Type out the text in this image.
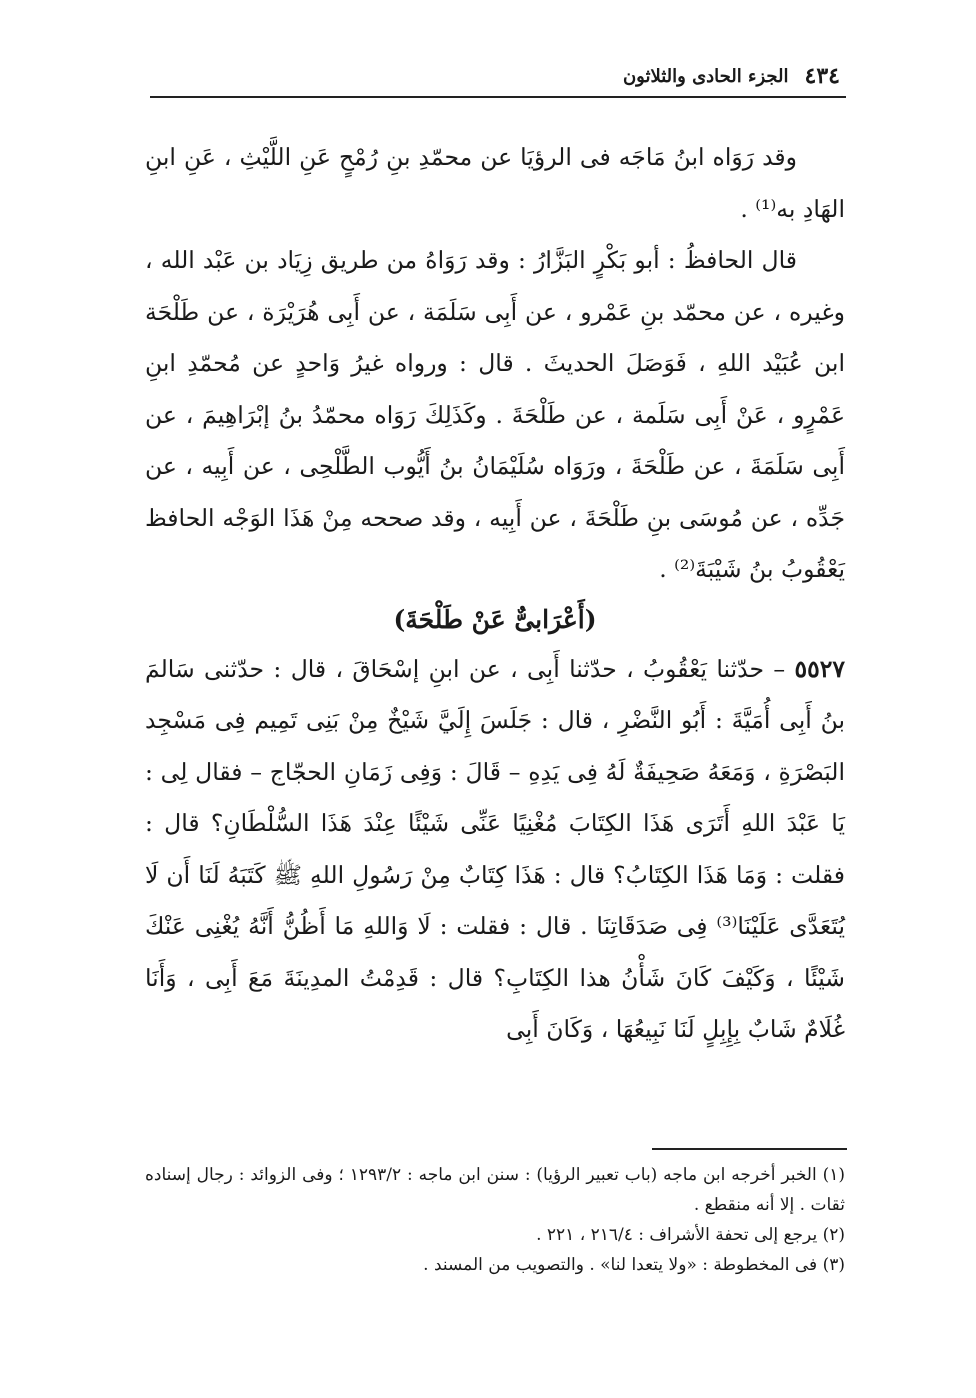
٤٣٤
الجزء الحادى والثلاثون

وقد رَوَاه ابنُ مَاجَه فى الرؤيَا عن محمّدِ بنِ رُمْحٍ عَنِ اللَّيْثِ ، عَنِ ابنِ الهَادِ به⁽¹⁾ .

قال الحافظُ : أبو بَكْرٍ البَزَّارُ : وقد رَوَاهُ من طريق زِيَاد بن عَبْد الله ، وغيره ، عن محمّد بنِ عَمْرو ، عن أَبِى سَلَمَة ، عن أَبِى هُرَيْرَة ، عن طَلْحَة ابن عُبَيْد اللهِ ، فَوَصَلَ الحديثَ . قال : ورواه غيرُ وَاحدٍ عن مُحمّدِ ابنِ عَمْرٍو ، عَنْ أَبِى سَلَمة ، عن طَلْحَةَ . وكَذَلِكَ رَوَاه محمّدُ بنُ إبْرَاهِيمَ ، عن أَبِى سَلَمَةَ ، عن طَلْحَةَ ، ورَوَاه سُلَيْمَانُ بنُ أَيُّوب الطَّلْحِى ، عن أَبِيه ، عن جَدِّه ، عن مُوسَى بنِ طَلْحَةَ ، عن أَبِيه ، وقد صححه مِنْ هَذَا الوَجْه الحافظ يَعْقُوبُ بنُ شَيْبَةَ⁽²⁾ .

(أَعْرَابىٌّ عَنْ طَلْحَةَ)

٥٥٢٧ – حدّثنا يَعْقُوبُ ، حدّثنا أَبِى ، عن ابنِ إسْحَاقَ ، قال : حدّثنى سَالمَ بنُ أَبِى أُمَيَّةَ : أَبُو النَّضْرِ ، قال : جَلَسَ إِلَيَّ شَيْخٌ مِنْ بَنِى تَمِيم فِى مَسْجِد البَصْرَةِ ، وَمَعَهُ صَحِيفَةٌ لَهُ فِى يَدِهِ – قَالَ : وَفِى زَمَانِ الحجّاج – فقال لِى : يَا عَبْدَ اللهِ أَتَرَى هَذَا الكِتَابَ مُغْنِيًا عَنِّى شَيْئًا عِنْدَ هَذَا السُّلْطَانِ؟ قال : فقلت : وَمَا هَذَا الكِتَابُ؟ قال : هَذَا كِتَابٌ مِنْ رَسُولِ اللهِ ﷺ كَتَبَهُ لَنَا أَن لَا يُتَعَدَّى عَلَيْنَا⁽³⁾ فِى صَدَقَاتِنَا . قال : فقلت : لَا وَاللهِ مَا أَظُنُّ أَنَّهُ يُغْنِى عَنْكَ شَيْئًا ، وَكَيْفَ كَانَ شَأْنُ هذا الكِتَابِ؟ قال : قَدِمْتُ المدِينَةَ مَعَ أَبِى ، وَأَنَا غُلَامٌ شَابٌ بِإِبِلٍ لَنَا نَبِيعُهَا ، وَكَانَ أَبِى

(١) الخبر أخرجه ابن ماجه (باب تعبير الرؤيا) : سنن ابن ماجه : ١٢٩٣/٢ ؛ وفى الزوائد : رجال إسناده ثقات . إلا أنه منقطع .

(٢) يرجع إلى تحفة الأشراف : ٢١٦/٤ ، ٢٢١ .

(٣) فى المخطوطة : «ولا يتعدا لنا» . والتصويب من المسند .
